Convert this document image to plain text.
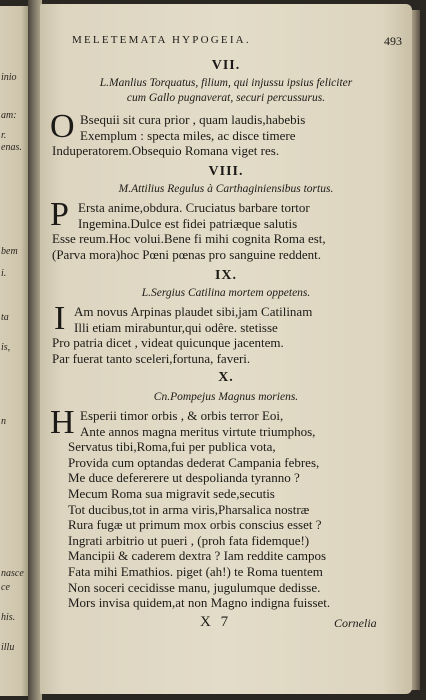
inio
am:
r.
enas.
bem
i.
ta
is,
n
nasce
ce
his.
illu
MELETEMATA HYPOGEIA.	493
VII.
L.Manlius Torquatus, filium, qui injussu ipsius feliciter
cum Gallo pugnaverat, securi percussurus.
O Bsequii sit cura prior , quam laudis,habebis
Exemplum : specta miles, ac disce timere
Induperatorem.Obsequio Romana viget res.
VIII.
M.Attilius Regulus à Carthaginiensibus tortus.
P Ersta anime,obdura. Cruciatus barbare tortor
Ingemina.Dulce est fidei patriæque salutis
Esse reum.Hoc volui.Bene fi mihi cognita Roma est,
(Parva mora)hoc Pœni pœnas pro sanguine reddent.
IX.
L.Sergius Catilina mortem oppetens.
I Am novus Arpinas plaudet sibi,jam Catilinam
Illi etiam mirabuntur,qui odêre. stetisse
Pro patria dicet , videat quicunque jacentem.
Par fuerat tanto sceleri,fortuna, faveri.
X.
Cn.Pompejus Magnus moriens.
H Esperii timor orbis , & orbis terror Eoi,
Ante annos magna meritus virtute triumphos,
Servatus tibi,Roma,fui per publica vota,
Provida cum optandas dederat Campania febres,
Me duce defererere ut despolianda tyranno ?
Mecum Roma sua migravit sede,secutis
Tot ducibus,tot in arma viris,Pharsalica nostræ
Rura fugæ ut primum mox orbis conscius esset ?
Ingrati arbitrio ut pueri , (proh fata fidemque!)
Mancipii & caderem dextra ? Iam reddite campos
Fata mihi Emathios. piget (ah!) te Roma tuentem
Non soceri cecidisse manu, jugulumque dedisse.
Mors invisa quidem,at non Magno indigna fuisset.
X 7	Cornelia
